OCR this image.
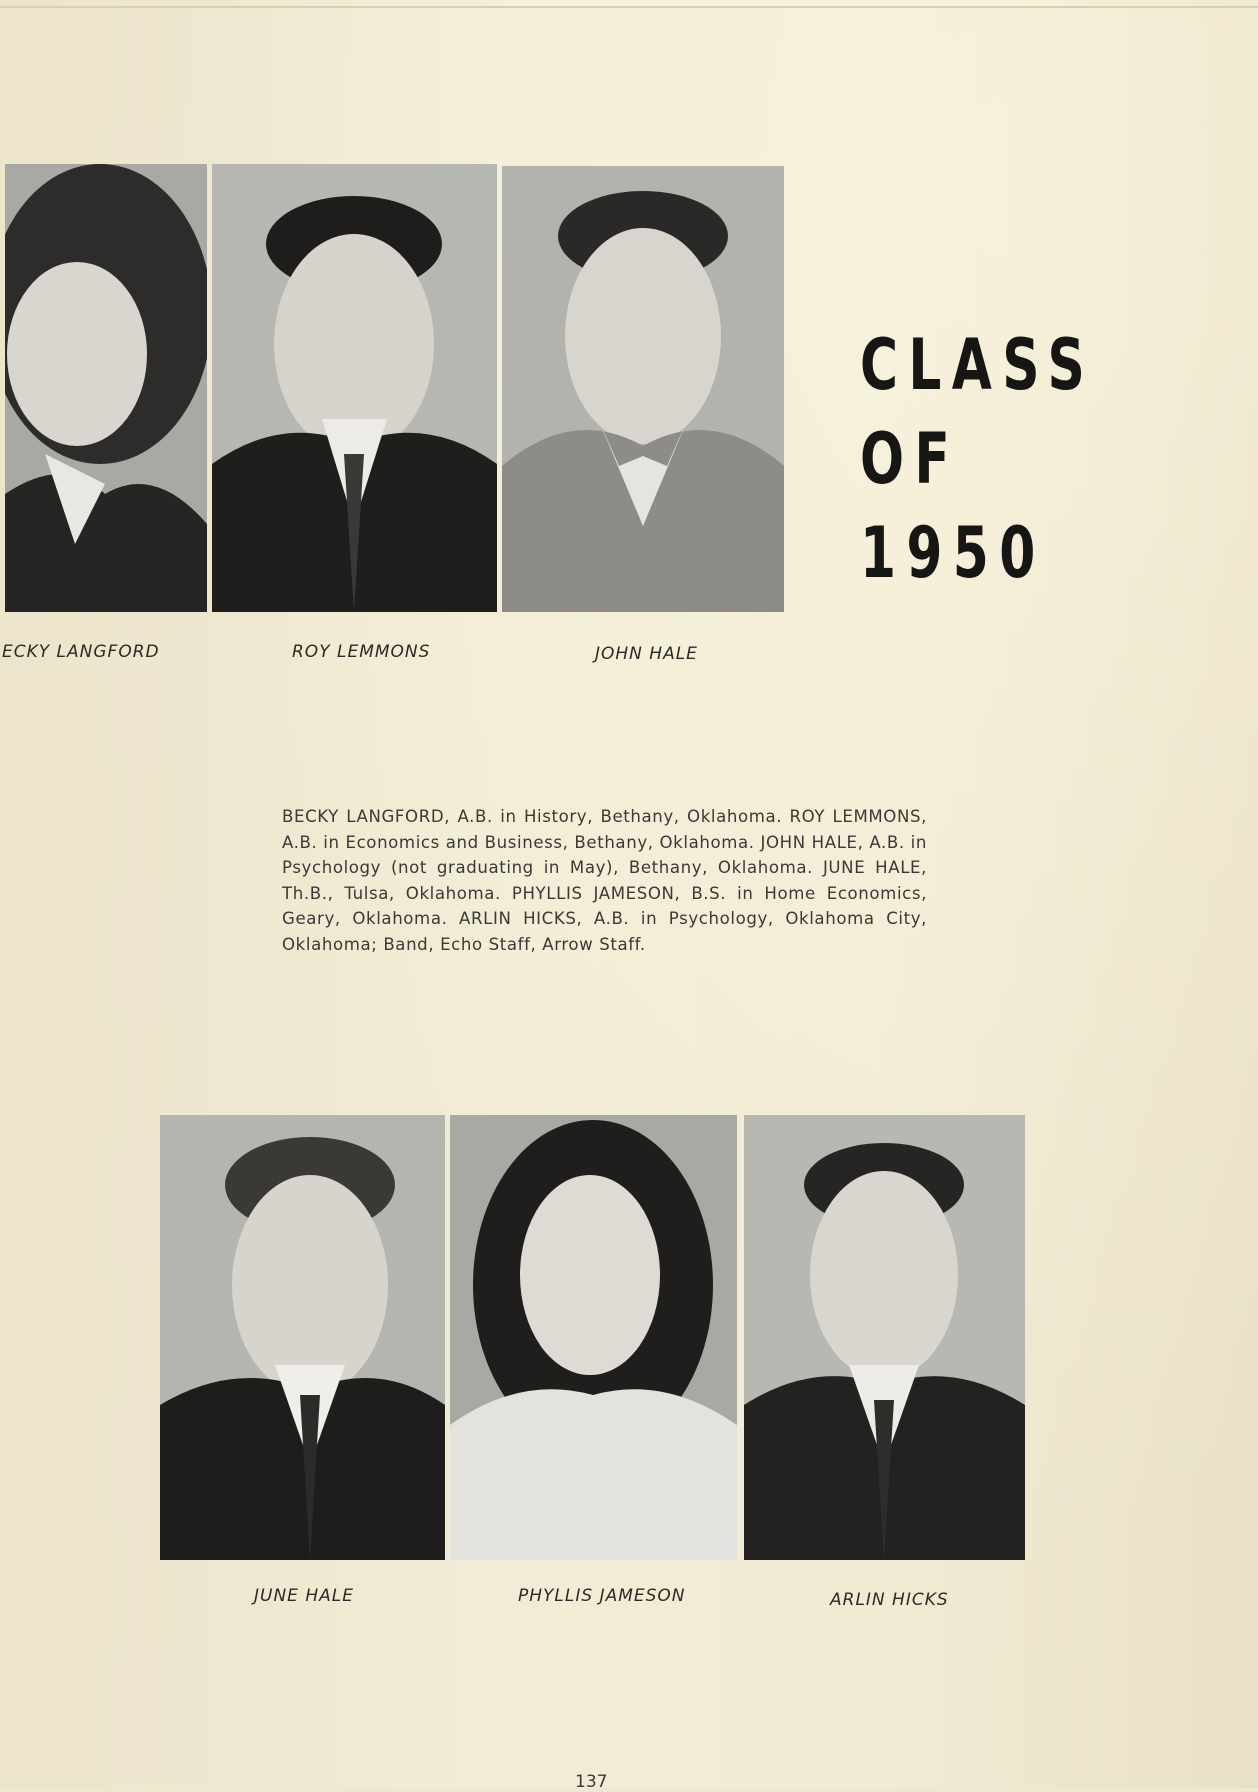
CLASS
OF 1950
ECKY LANGFORD	ROY LEMMONS	JOHN HALE
BECKY LANGFORD, A.B. in History, Bethany, Oklahoma. ROY LEMMONS, A.B. in Economics and Business, Bethany, Oklahoma. JOHN HALE, A.B. in Psychology (not graduating in May), Bethany, Oklahoma. JUNE HALE, Th.B., Tulsa, Oklahoma. PHYLLIS JAMESON, B.S. in Home Economics, Geary, Oklahoma. ARLIN HICKS, A.B. in Psychology, Oklahoma City, Oklahoma; Band, Echo Staff, Arrow Staff.
JUNE HALE	PHYLLIS JAMESON	ARLIN HICKS
137
